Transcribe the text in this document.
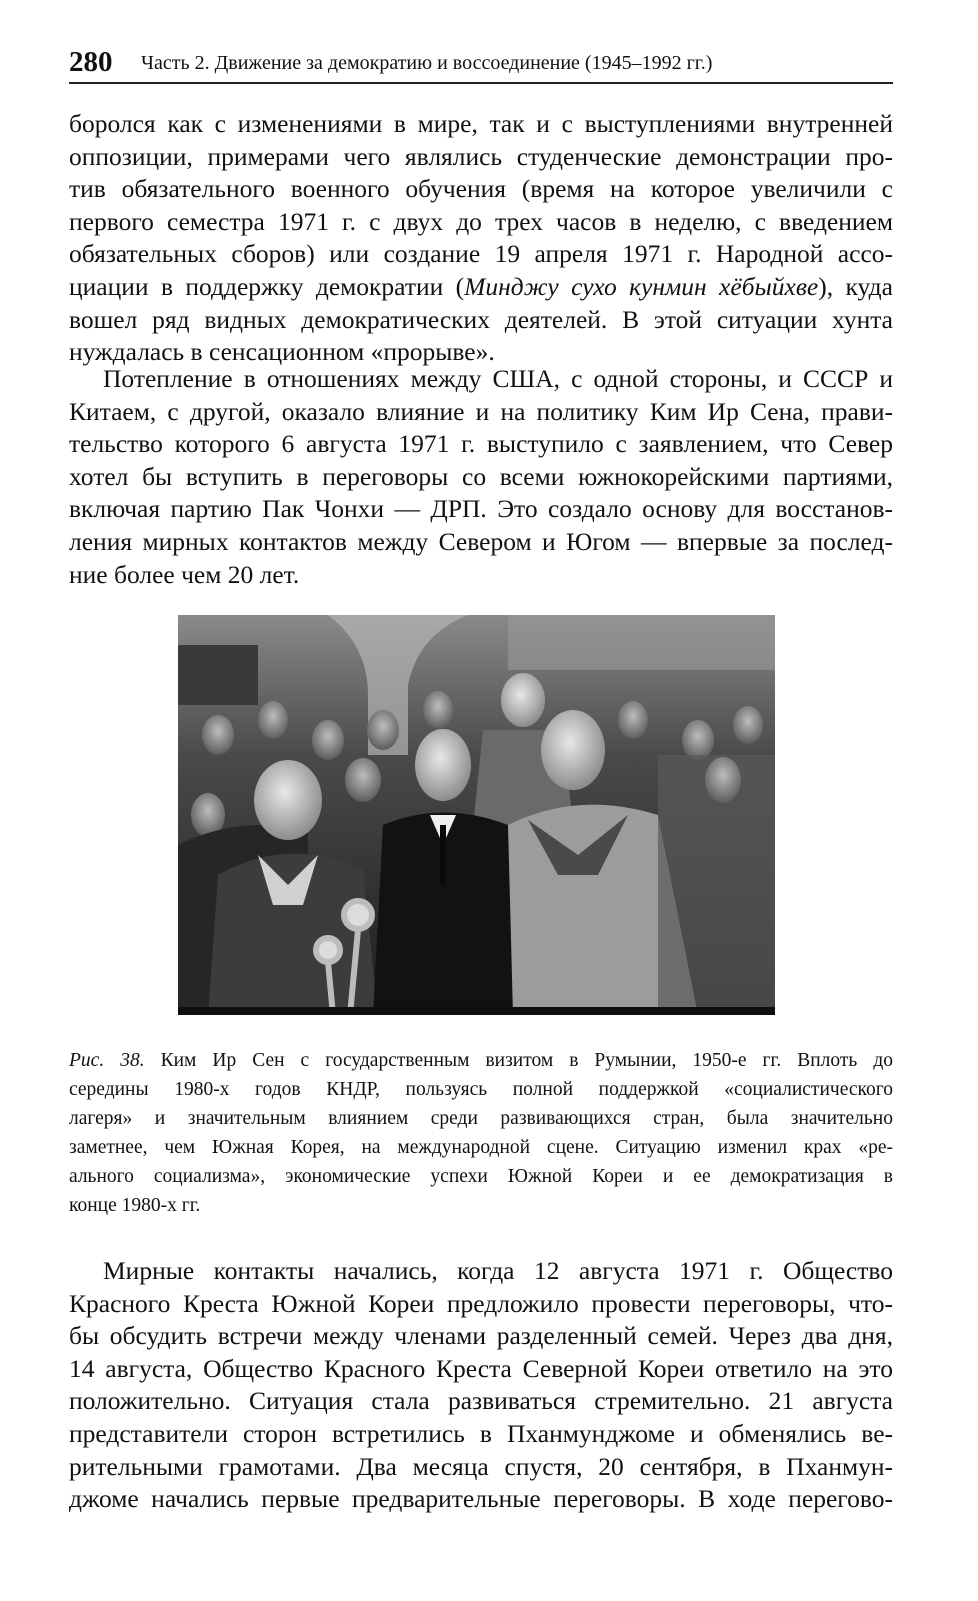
280 Часть 2. Движение за демократию и воссоединение (1945–1992 гг.)
боролся как с изменениями в мире, так и с выступлениями внутренней
оппозиции, примерами чего являлись студенческие демонстрации про-
тив обязательного военного обучения (время на которое увеличили с
первого семестра 1971 г. с двух до трех часов в неделю, с введением
обязательных сборов) или создание 19 апреля 1971 г. Народной ассо-
циации в поддержку демократии (Минджу сухо кунмин хёбыйхве), куда
вошел ряд видных демократических деятелей. В этой ситуации хунта
нуждалась в сенсационном «прорыве».
Потепление в отношениях между США, с одной стороны, и СССР и
Китаем, с другой, оказало влияние и на политику Ким Ир Сена, прави-
тельство которого 6 августа 1971 г. выступило с заявлением, что Север
хотел бы вступить в переговоры со всеми южнокорейскими партиями,
включая партию Пак Чонхи — ДРП. Это создало основу для восстанов-
ления мирных контактов между Севером и Югом — впервые за послед-
ние более чем 20 лет.
Рис. 38. Ким Ир Сен с государственным визитом в Румынии, 1950-е гг. Вплоть до
середины 1980-х годов КНДР, пользуясь полной поддержкой «социалистического
лагеря» и значительным влиянием среди развивающихся стран, была значительно
заметнее, чем Южная Корея, на международной сцене. Ситуацию изменил крах «ре-
ального социализма», экономические успехи Южной Кореи и ее демократизация в
конце 1980-х гг.
Мирные контакты начались, когда 12 августа 1971 г. Общество
Красного Креста Южной Кореи предложило провести переговоры, что-
бы обсудить встречи между членами разделенный семей. Через два дня,
14 августа, Общество Красного Креста Северной Кореи ответило на это
положительно. Ситуация стала развиваться стремительно. 21 августа
представители сторон встретились в Пханмунджоме и обменялись ве-
рительными грамотами. Два месяца спустя, 20 сентября, в Пханмун-
джоме начались первые предварительные переговоры. В ходе перегово-
